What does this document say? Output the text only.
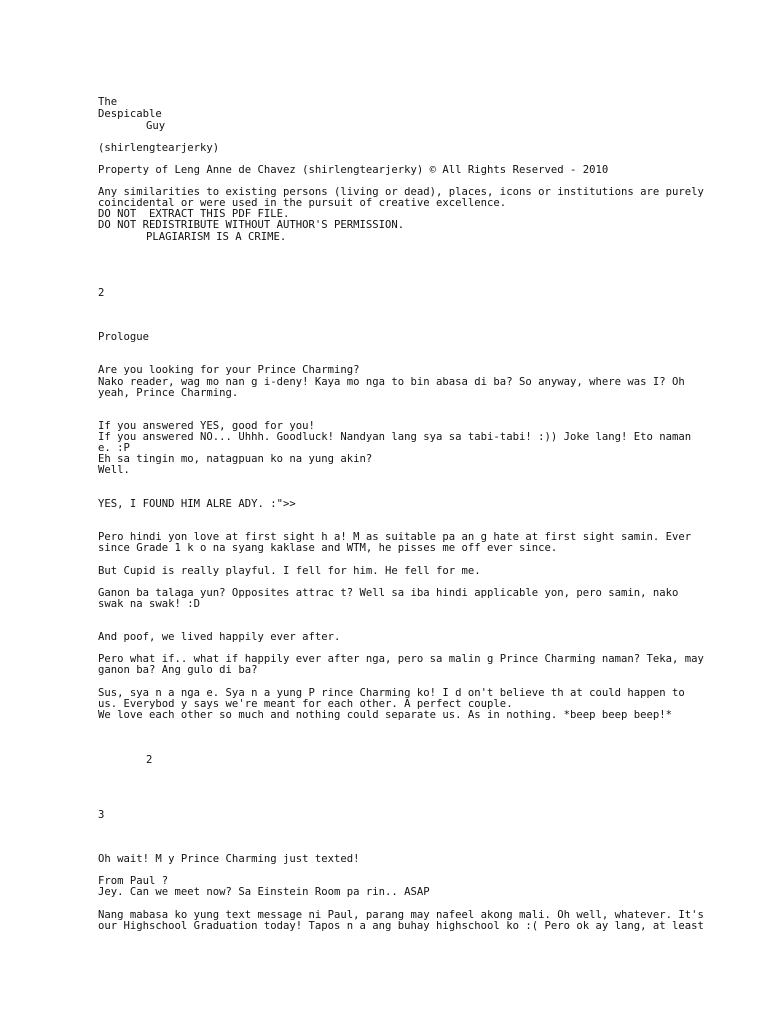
The

Despicable

Guy

(shirlengtearjerky)

Property of Leng Anne de Chavez (shirlengtearjerky) © All Rights Reserved - 2010

Any similarities to existing persons (living or dead), places, icons or institutions are purely

coincidental or were used in the pursuit of creative excellence.

DO NOT  EXTRACT THIS PDF FILE.

DO NOT REDISTRIBUTE WITHOUT AUTHOR'S PERMISSION.

PLAGIARISM IS A CRIME.

2

Prologue

Are you looking for your Prince Charming?

Nako reader, wag mo nan g i-deny! Kaya mo nga to bin abasa di ba? So anyway, where was I? Oh

yeah, Prince Charming.

If you answered YES, good for you!

If you answered NO... Uhhh. Goodluck! Nandyan lang sya sa tabi-tabi! :)) Joke lang! Eto naman

e. :P

Eh sa tingin mo, natagpuan ko na yung akin?

Well.

YES, I FOUND HIM ALRE ADY. :">>

Pero hindi yon love at first sight h a! M as suitable pa an g hate at first sight samin. Ever

since Grade 1 k o na syang kaklase and WTM, he pisses me off ever since.

But Cupid is really playful. I fell for him. He fell for me.

Ganon ba talaga yun? Opposites attrac t? Well sa iba hindi applicable yon, pero samin, nako

swak na swak! :D

And poof, we lived happily ever after.

Pero what if.. what if happily ever after nga, pero sa malin g Prince Charming naman? Teka, may

ganon ba? Ang gulo di ba?

Sus, sya n a nga e. Sya n a yung P rince Charming ko! I d on't believe th at could happen to

us. Everybod y says we're meant for each other. A perfect couple.

We love each other so much and nothing could separate us. As in nothing. *beep beep beep!*

2

3

Oh wait! M y Prince Charming just texted!

From Paul ?

Jey. Can we meet now? Sa Einstein Room pa rin.. ASAP

Nang mabasa ko yung text message ni Paul, parang may nafeel akong mali. Oh well, whatever. It's

our Highschool Graduation today! Tapos n a ang buhay highschool ko :( Pero ok ay lang, at least
